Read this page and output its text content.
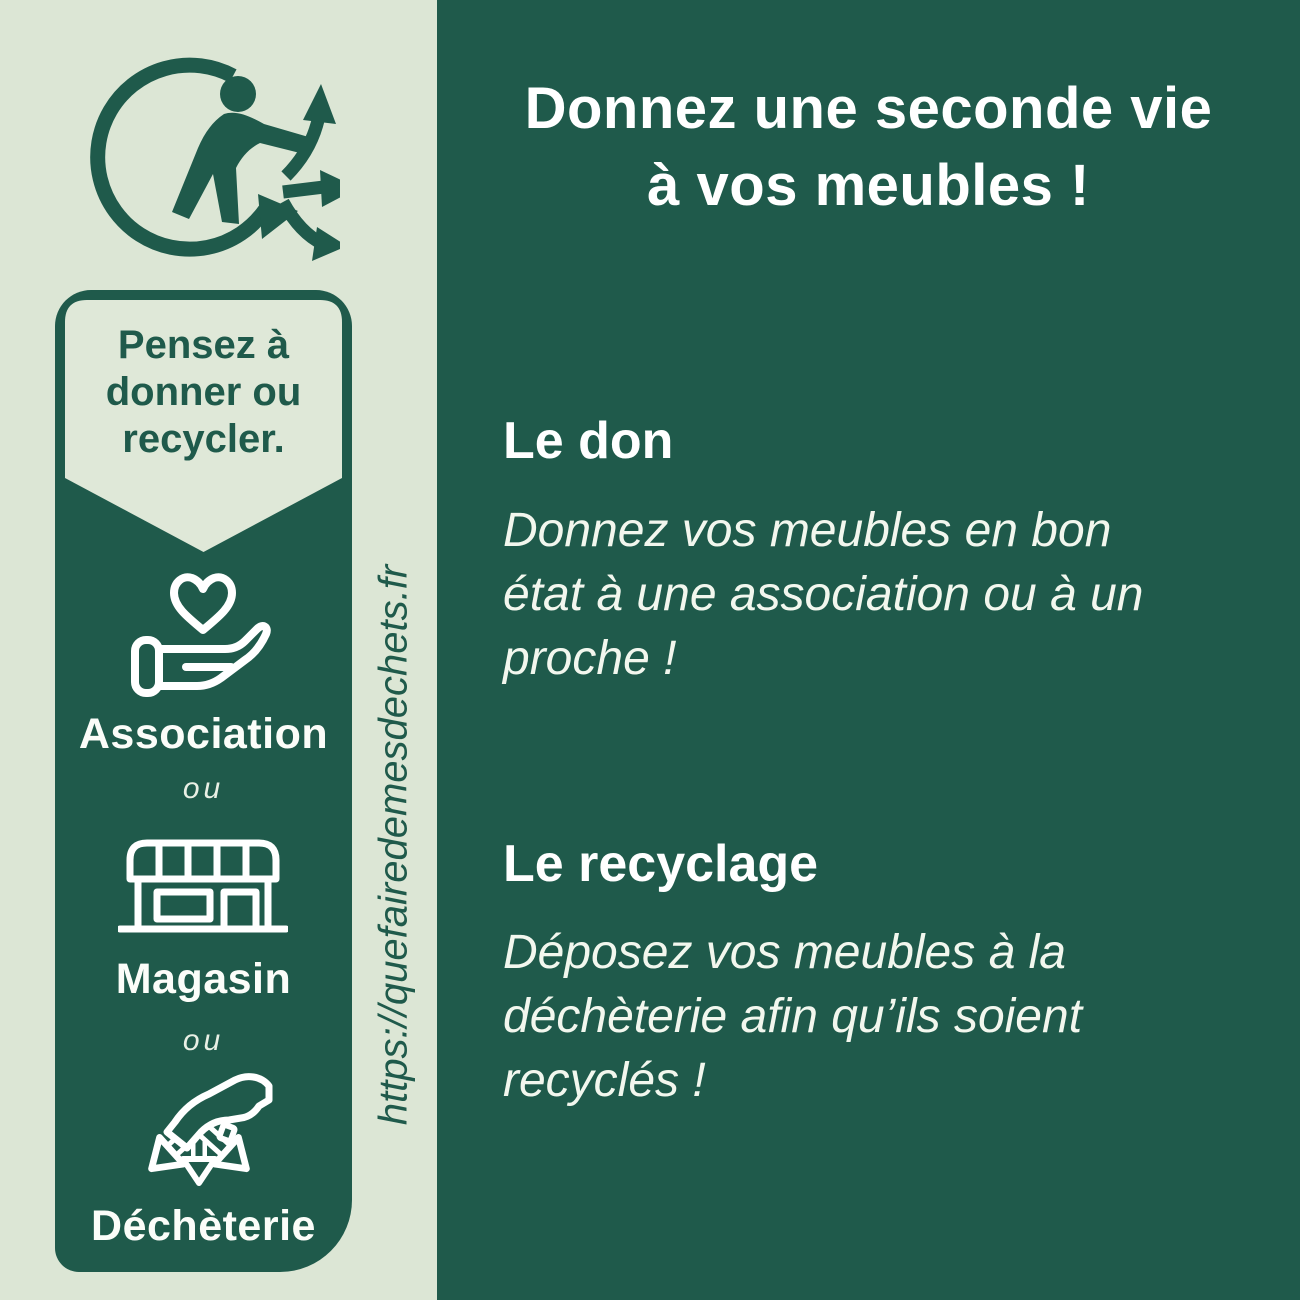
Donnez une seconde vie
à vos meubles !
Le don
Donnez vos meubles en bon
état à une association ou à un
proche !
Le recyclage
Déposez vos meubles à la
déchèterie afin qu’ils soient
recyclés !
Pensez à
donner ou
recycler.
Association
ou
Magasin
ou
Déchèterie
https://quefairedemesdechets.fr
